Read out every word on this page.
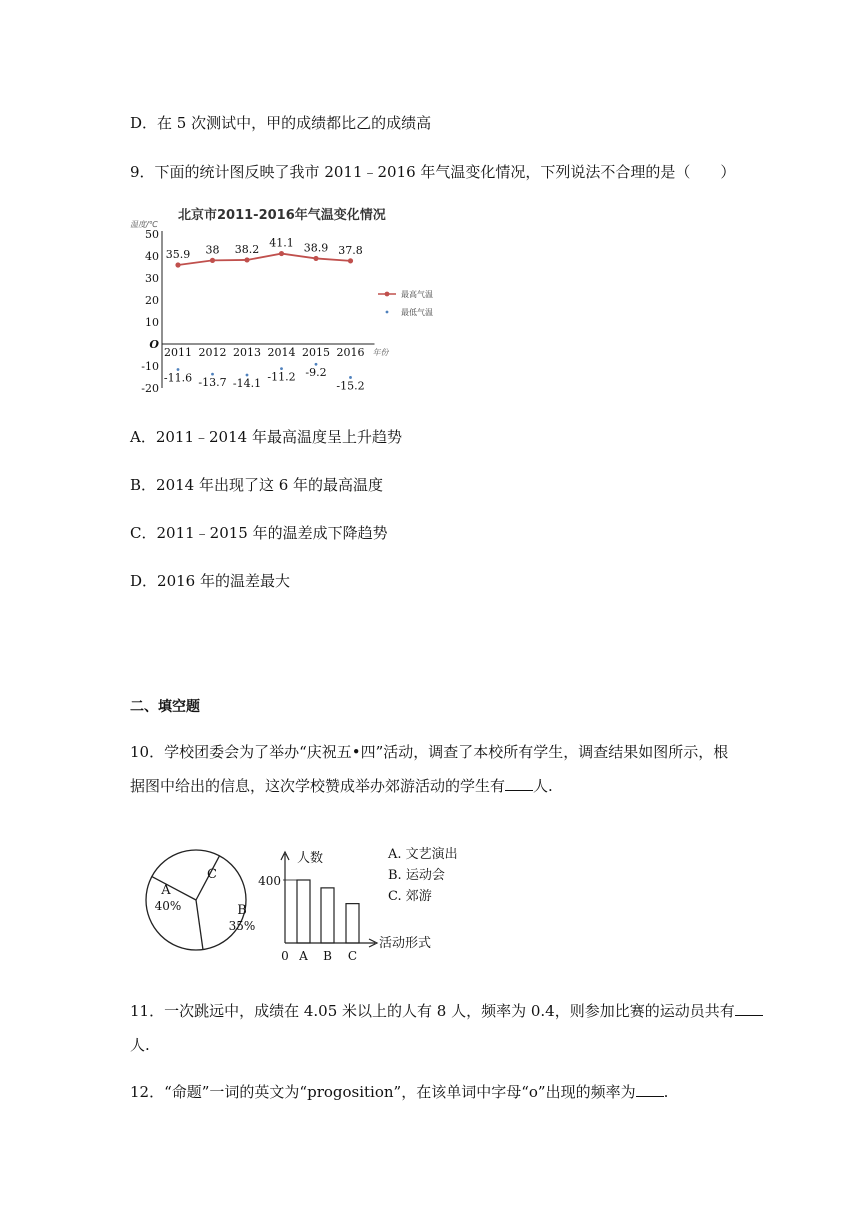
D．在 5 次测试中，甲的成绩都比乙的成绩高
9．下面的统计图反映了我市 2011﹣2016 年气温变化情况，下列说法不合理的是（　　）
北京市2011-2016年气温变化情况
温度/℃
50
40
30
20
10
O
-10
-20
2011 2012 2013 2014 2015 2016 年份
35.9 38 38.2 41.1 38.9 37.8
-11.6 -13.7 -14.1 -11.2 -9.2
-15.2
最高气温
最低气温
A．2011﹣2014 年最高温度呈上升趋势
B．2014 年出现了这 6 年的最高温度
C．2011﹣2015 年的温差成下降趋势
D．2016 年的温差最大
二、填空题
10．学校团委会为了举办“庆祝五•四”活动，调查了本校所有学生，调查结果如图所示，根
据图中给出的信息，这次学校赞成举办郊游活动的学生有 人.
A
40%	B
35%
C
人数
活动形式
400
0 A B C
A. 文艺演出
B. 运动会
C. 郊游
11．一次跳远中，成绩在 4.05 米以上的人有 8 人，频率为 0.4，则参加比赛的运动员共有
人.
12．“命题”一词的英文为“progosition”，在该单词中字母“o”出现的频率为 .
